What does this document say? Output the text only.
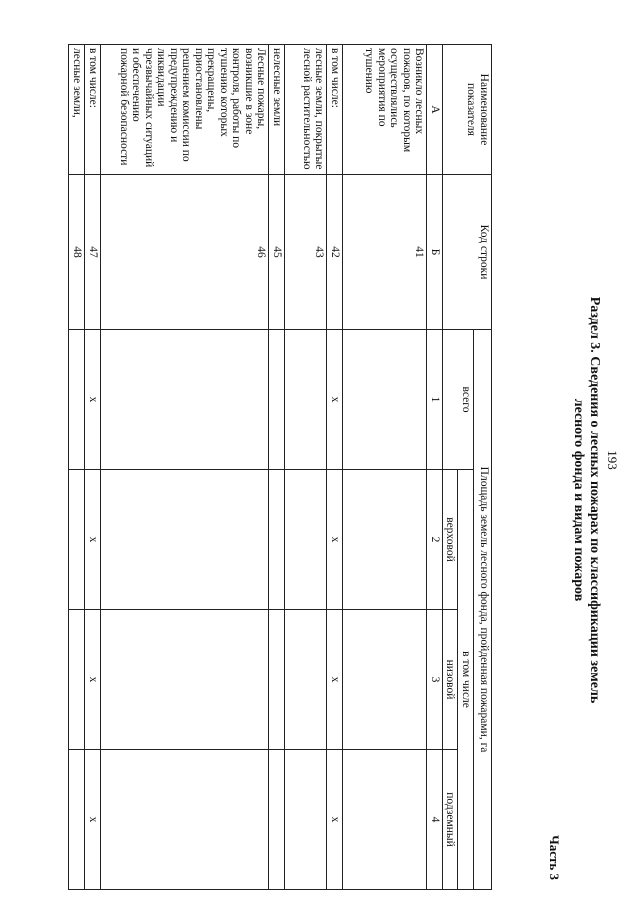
193
Часть 3
Раздел 3. Сведения о лесных пожарах по классификации земель
лесного фонда и видам пожаров
Наименование показателя	Код строки	Площадь земель лесного фонда, пройденная пожарами, га			
		всего	в том числе		
			верховой	низовой	подземный
А	Б	1	2	3	4
Возникло лесных пожаров, по которым осуществлялись мероприятия по тушению	41				
в том числе:	42	х	х	х	х
лесные земли, покрытые лесной растительностью	43				
нелесные земли	45				
Лесные пожары, возникшие в зоне контроля, работы по тушению которых прекращены, приостановлены решением комиссии по предупреждению и ликвидации чрезвычайных ситуаций и обеспечению пожарной безопасности	46				
в том числе:	47	х	х	х	х
лесные земли,	48				
